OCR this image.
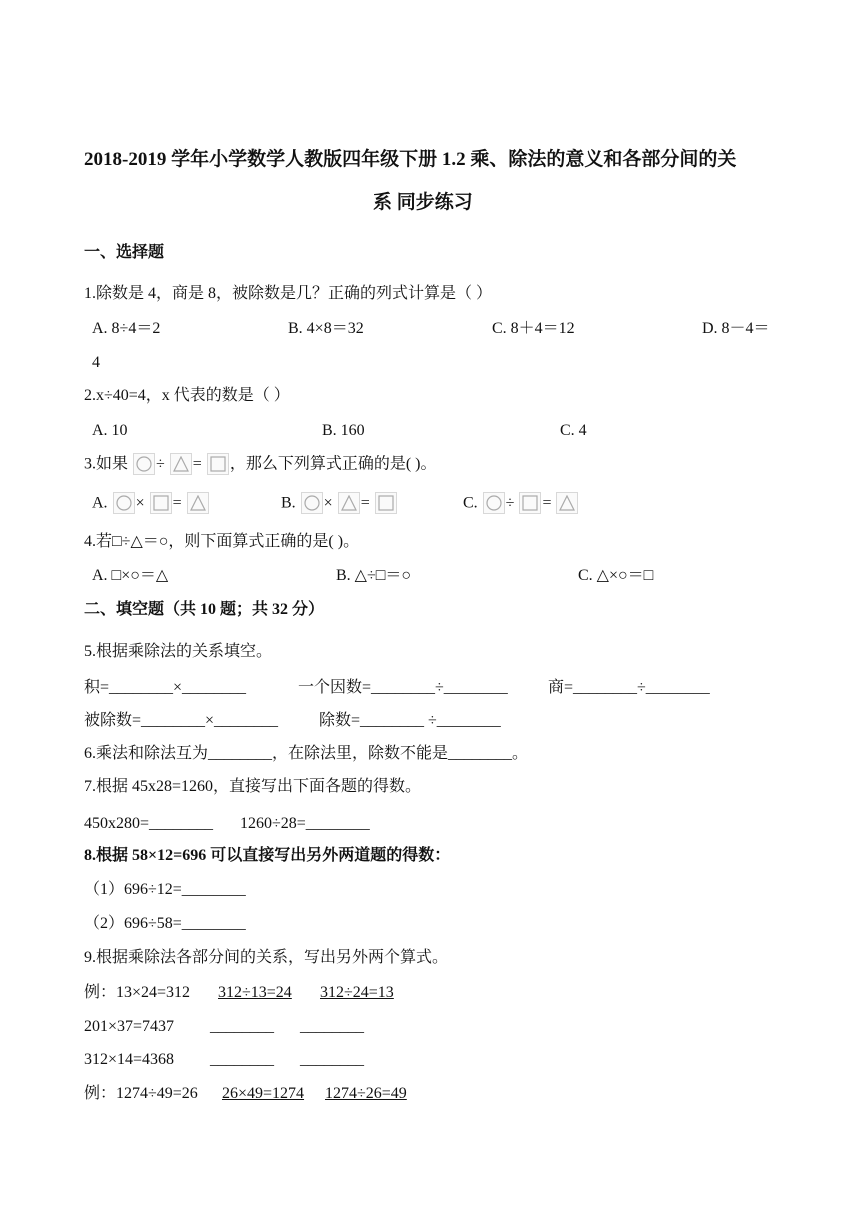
2018-2019 学年小学数学人教版四年级下册 1.2 乘、除法的意义和各部分间的关
系 同步练习
一、选择题
1.除数是 4，商是 8，被除数是几？正确的列式计算是（ ）
A. 8÷4＝2	B. 4×8＝32	C. 8＋4＝12	D. 8－4＝
4
2.x÷40=4，x 代表的数是（ ）
A. 10	B. 160	C. 4
3.如果 ÷ = ，那么下列算式正确的是( )。
A. × =	B. × =	C. ÷ =
4.若□÷△＝○，则下面算式正确的是( )。
A. □×○＝△	B. △÷□＝○	C. △×○＝□
二、填空题（共 10 题；共 32 分）
5.根据乘除法的关系填空。
积=________×________	一个因数=________÷________	商=________÷________
被除数=________×________	除数=________ ÷________
6.乘法和除法互为________，在除法里，除数不能是________。
7.根据 45x28=1260，直接写出下面各题的得数。
450x280=________ 1260÷28=________
8.根据 58×12=696 可以直接写出另外两道题的得数：
（1）696÷12=________
（2）696÷58=________
9.根据乘除法各部分间的关系，写出另外两个算式。
例：13×24=312 312÷13=24 312÷24=13
201×37=7437 ________ ________
312×14=4368 ________ ________
例：1274÷49=26 26×49=1274 1274÷26=49
